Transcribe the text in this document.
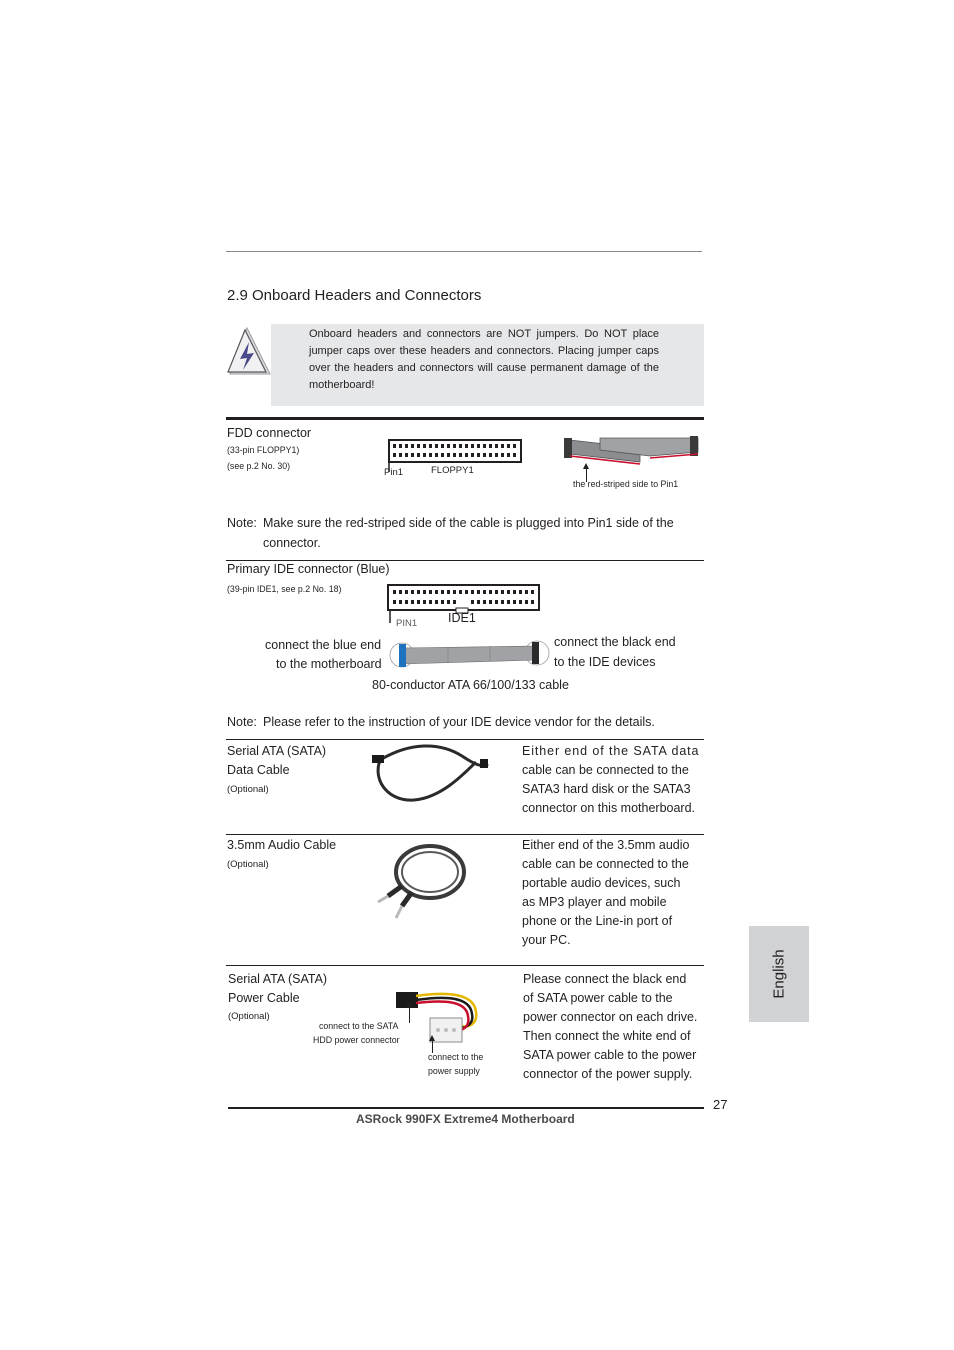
2.9 Onboard Headers and Connectors
Onboard headers and connectors are NOT jumpers. Do NOT place
jumper caps over these headers and connectors. Placing jumper caps
over the headers and connectors will cause permanent damage of the
motherboard!
FDD connector
(33-pin FLOPPY1)
(see p.2 No. 30)
Pin1	FLOPPY1
the red-striped side to Pin1
Note: Make sure the red-striped side of the cable is plugged into Pin1 side of the
connector.
Primary IDE connector (Blue)
(39-pin IDE1, see p.2 No. 18)
PIN1 IDE1
connect the blue end
to the motherboard
connect the black end
to the IDE devices
80-conductor ATA 66/100/133 cable
Note: Please refer to the instruction of your IDE device vendor for the details.
Serial ATA (SATA)
Data Cable
(Optional)
Either end of the SATA data
cable can be connected to the
SATA3 hard disk or the SATA3
connector on this motherboard.
3.5mm Audio Cable
(Optional)
Either end of the 3.5mm audio
cable can be connected to the
portable audio devices, such
as MP3 player and mobile
phone or the Line-in port of
your PC.
Serial ATA (SATA)
Power Cable
(Optional)
connect to the SATA
HDD power connector
connect to the
power supply
Please connect the black end
of SATA power cable to the
power connector on each drive.
Then connect the white end of
SATA power cable to the power
connector of the power supply.
27
ASRock 990FX Extreme4 Motherboard
English
